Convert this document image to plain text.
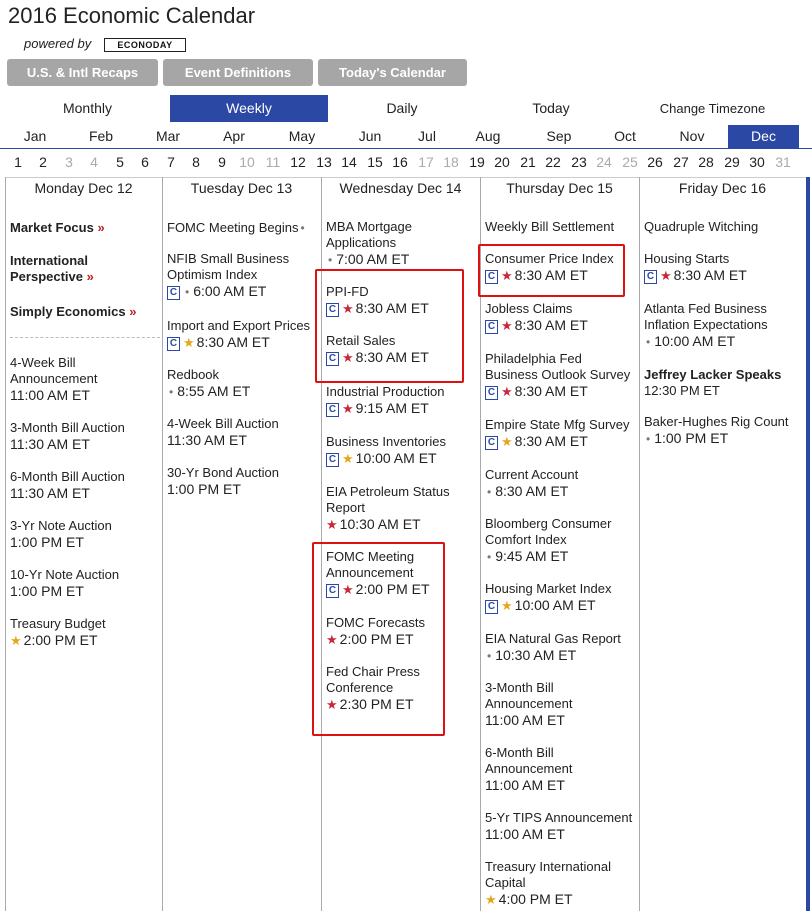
2016 Economic Calendar
powered by	ECONODAY
U.S. & Intl Recaps	Event Definitions	Today's Calendar
Monthly	Weekly	Daily	Today	Change Timezone
Jan	Feb	Mar	Apr	May	Jun	Jul	Aug	Sep	Oct	Nov	Dec
1	2	3	4	5	6	7	8	9 10 11 12 13 14 15 16 17 18 19 20 21 22 23 24 25 26 27 28 29 30 31
Monday Dec 12
Market Focus »
International Perspective »
Simply Economics »
4-Week Bill Announcement
11:00 AM ET
3-Month Bill Auction
11:30 AM ET
6-Month Bill Auction
11:30 AM ET
3-Yr Note Auction
1:00 PM ET
10-Yr Note Auction
1:00 PM ET
Treasury Budget
★ 2:00 PM ET
Tuesday Dec 13
FOMC Meeting Begins •
NFIB Small Business Optimism Index
C • 6:00 AM ET
Import and Export Prices
C ★ 8:30 AM ET
Redbook
• 8:55 AM ET
4-Week Bill Auction
11:30 AM ET
30-Yr Bond Auction
1:00 PM ET
Wednesday Dec 14
MBA Mortgage Applications
• 7:00 AM ET
PPI-FD
C ★ 8:30 AM ET
Retail Sales
C ★ 8:30 AM ET
Industrial Production
C ★ 9:15 AM ET
Business Inventories
C ★ 10:00 AM ET
EIA Petroleum Status Report
★ 10:30 AM ET
FOMC Meeting Announcement
C ★ 2:00 PM ET
FOMC Forecasts
★ 2:00 PM ET
Fed Chair Press Conference
★ 2:30 PM ET
Thursday Dec 15
Weekly Bill Settlement
Consumer Price Index
C ★ 8:30 AM ET
Jobless Claims
C ★ 8:30 AM ET
Philadelphia Fed Business Outlook Survey
C ★ 8:30 AM ET
Empire State Mfg Survey
C ★ 8:30 AM ET
Current Account
• 8:30 AM ET
Bloomberg Consumer Comfort Index
• 9:45 AM ET
Housing Market Index
C ★ 10:00 AM ET
EIA Natural Gas Report
• 10:30 AM ET
3-Month Bill Announcement
11:00 AM ET
6-Month Bill Announcement
11:00 AM ET
5-Yr TIPS Announcement
11:00 AM ET
Treasury International Capital
★ 4:00 PM ET
Friday Dec 16
Quadruple Witching
Housing Starts
C ★ 8:30 AM ET
Atlanta Fed Business Inflation Expectations
• 10:00 AM ET
Jeffrey Lacker Speaks
12:30 PM ET
Baker-Hughes Rig Count
• 1:00 PM ET
